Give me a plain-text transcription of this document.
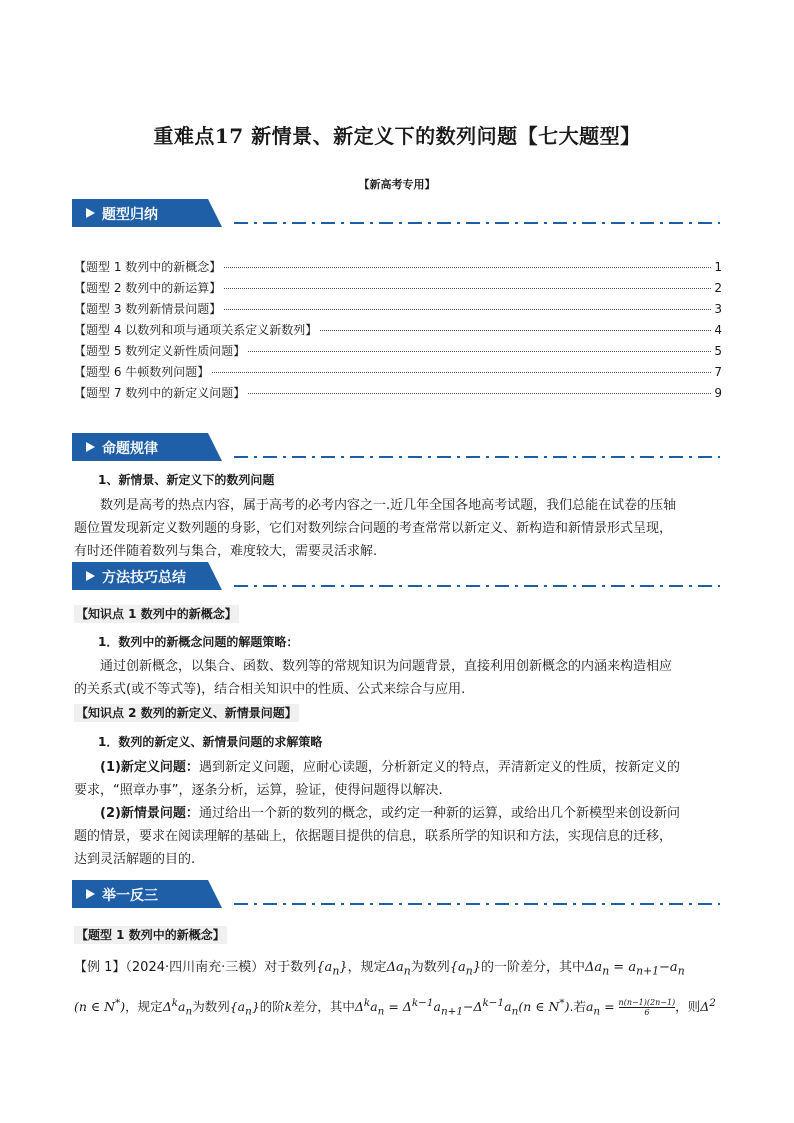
重难点17 新情景、新定义下的数列问题【七大题型】
【新高考专用】
题型归纳
【题型 1 数列中的新概念】	1
【题型 2 数列中的新运算】	2
【题型 3 数列新情景问题】	3
【题型 4 以数列和项与通项关系定义新数列】	4
【题型 5 数列定义新性质问题】	5
【题型 6 牛顿数列问题】	7
【题型 7 数列中的新定义问题】	9
命题规律
1、新情景、新定义下的数列问题

数列是高考的热点内容，属于高考的必考内容之一.近几年全国各地高考试题，我们总能在试卷的压轴

题位置发现新定义数列题的身影，它们对数列综合问题的考查常常以新定义、新构造和新情景形式呈现，

有时还伴随着数列与集合，难度较大，需要灵活求解.

方法技巧总结
【知识点 1 数列中的新概念】
1．数列中的新概念问题的解题策略：

通过创新概念，以集合、函数、数列等的常规知识为问题背景，直接利用创新概念的内涵来构造相应

的关系式(或不等式等)，结合相关知识中的性质、公式来综合与应用.

【知识点 2 数列的新定义、新情景问题】
1．数列的新定义、新情景问题的求解策略

(1)新定义问题：遇到新定义问题，应耐心读题，分析新定义的特点，弄清新定义的性质，按新定义的

要求，“照章办事”，逐条分析，运算，验证，使得问题得以解决.

(2)新情景问题：通过给出一个新的数列的概念，或约定一种新的运算，或给出几个新模型来创设新问

题的情景，要求在阅读理解的基础上，依据题目提供的信息，联系所学的知识和方法，实现信息的迁移，

达到灵活解题的目的.

举一反三
【题型 1 数列中的新概念】
【例 1】（2024·四川南充·三模）对于数列$\{a_n\}$，规定$\Delta a_n$为数列$\{a_n\}$的一阶差分，其中$\Delta a_n = a_{n+1}-a_n$
(n ∈ N*)，规定$\Delta^ka_n$为数列$\{a_n\}$的阶k差分，其中$\Delta^ka_n = \Delta^{k-1}a_{n+1}-\Delta^{k-1}a_n(n$ ∈ N*).若$a_n = \frac{n(n-1)(2n-1)}{6}$ ，则$\Delta^2$
